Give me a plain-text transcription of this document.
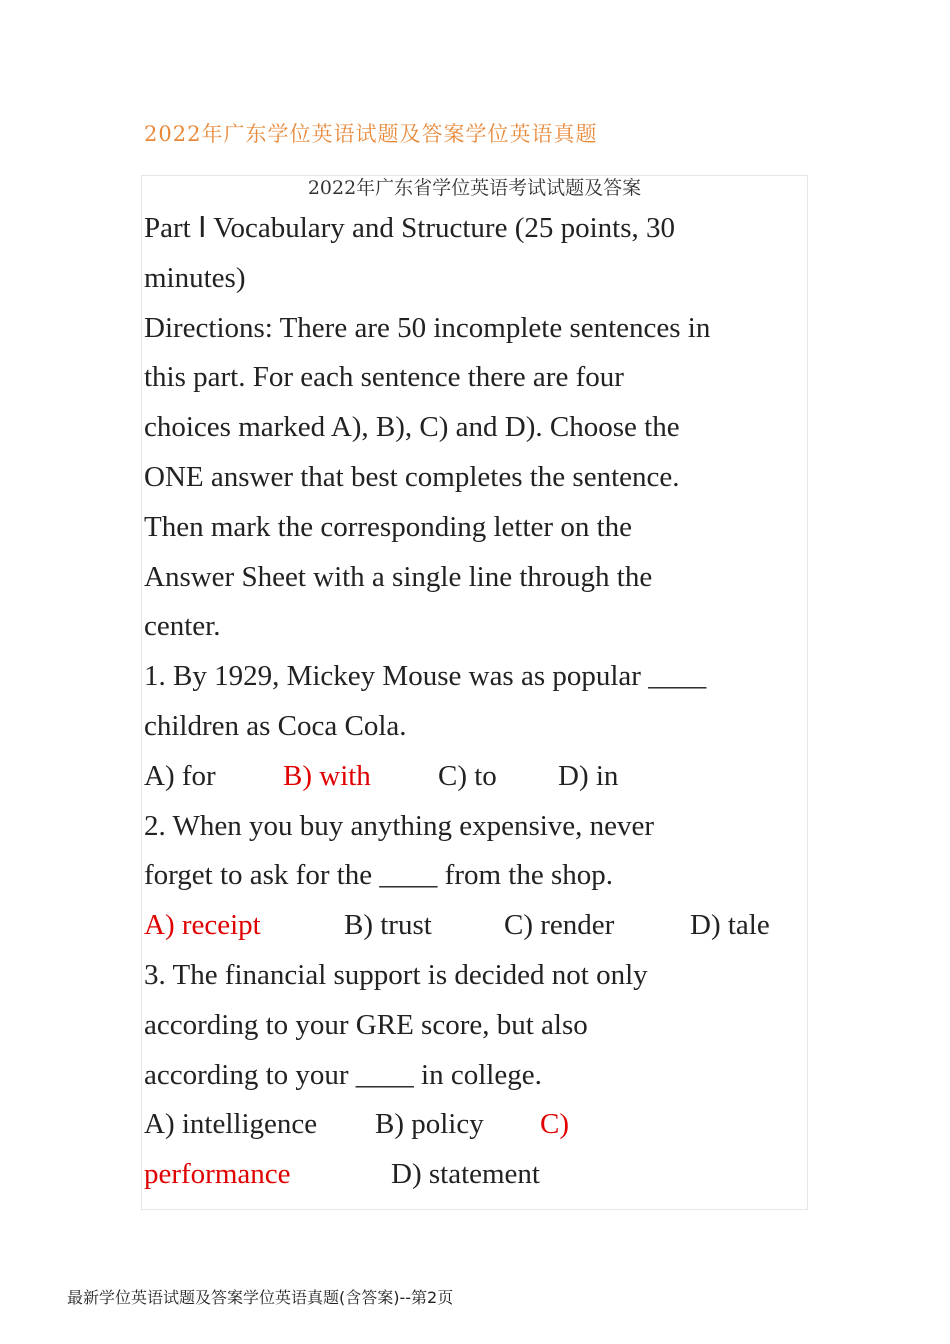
2022年广东学位英语试题及答案学位英语真题
2022年广东省学位英语考试试题及答案
Part Ⅰ Vocabulary and Structure (25 points, 30
minutes)
Directions: There are 50 incomplete sentences in
this part. For each sentence there are four
choices marked A), B), C) and D). Choose the
ONE answer that best completes the sentence.
Then mark the corresponding letter on the
Answer Sheet with a single line through the
center.
1. By 1929, Mickey Mouse was as popular ____
children as Coca Cola.
A) for B) with C) to D) in
2. When you buy anything expensive, never
forget to ask for the ____ from the shop.
A) receipt	B) trust C) render	D) tale
3. The financial support is decided not only
according to your GRE score, but also
according to your ____ in college.
A) intelligence B) policy C)
performance	D) statement
最新学位英语试题及答案学位英语真题(含答案)--第2页
